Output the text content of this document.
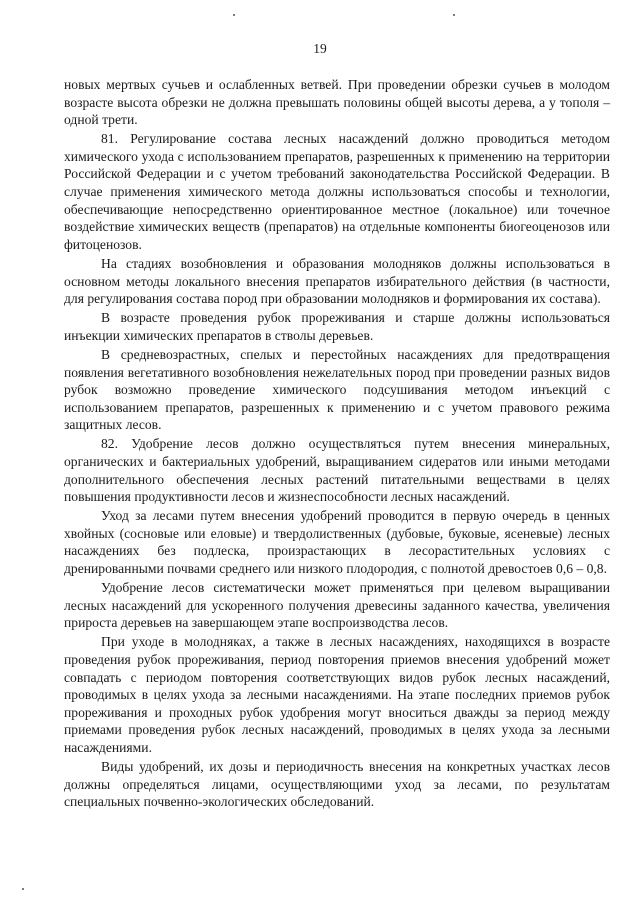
19

новых мертвых сучьев и ослабленных ветвей. При проведении обрезки сучьев в молодом возрасте высота обрезки не должна превышать половины общей высоты дерева, а у тополя – одной трети.

81. Регулирование состава лесных насаждений должно проводиться методом химического ухода с использованием препаратов, разрешенных к применению на территории Российской Федерации и с учетом требований законодательства Российской Федерации. В случае применения химического метода должны использоваться способы и технологии, обеспечивающие непосредственно ориентированное местное (локальное) или точечное воздействие химических веществ (препаратов) на отдельные компоненты биогеоценозов или фитоценозов.

На стадиях возобновления и образования молодняков должны использоваться в основном методы локального внесения препаратов избирательного действия (в частности, для регулирования состава пород при образовании молодняков и формирования их состава).

В возрасте проведения рубок прореживания и старше должны использоваться инъекции химических препаратов в стволы деревьев.

В средневозрастных, спелых и перестойных насаждениях для предотвращения появления вегетативного возобновления нежелательных пород при проведении разных видов рубок возможно проведение химического подсушивания методом инъекций с использованием препаратов, разрешенных к применению и с учетом правового режима защитных лесов.

82. Удобрение лесов должно осуществляться путем внесения минеральных, органических и бактериальных удобрений, выращиванием сидератов или иными методами дополнительного обеспечения лесных растений питательными веществами в целях повышения продуктивности лесов и жизнеспособности лесных насаждений.

Уход за лесами путем внесения удобрений проводится в первую очередь в ценных хвойных (сосновые или еловые) и твердолиственных (дубовые, буковые, ясеневые) лесных насаждениях без подлеска, произрастающих в лесорастительных условиях с дренированными почвами среднего или низкого плодородия, с полнотой древостоев 0,6 – 0,8.

Удобрение лесов систематически может применяться при целевом выращивании лесных насаждений для ускоренного получения древесины заданного качества, увеличения прироста деревьев на завершающем этапе воспроизводства лесов.

При уходе в молодняках, а также в лесных насаждениях, находящихся в возрасте проведения рубок прореживания, период повторения приемов внесения удобрений может совпадать с периодом повторения соответствующих видов рубок лесных насаждений, проводимых в целях ухода за лесными насаждениями. На этапе последних приемов рубок прореживания и проходных рубок удобрения могут вноситься дважды за период между приемами проведения рубок лесных насаждений, проводимых в целях ухода за лесными насаждениями.

Виды удобрений, их дозы и периодичность внесения на конкретных участках лесов должны определяться лицами, осуществляющими уход за лесами, по результатам специальных почвенно-экологических обследований.
